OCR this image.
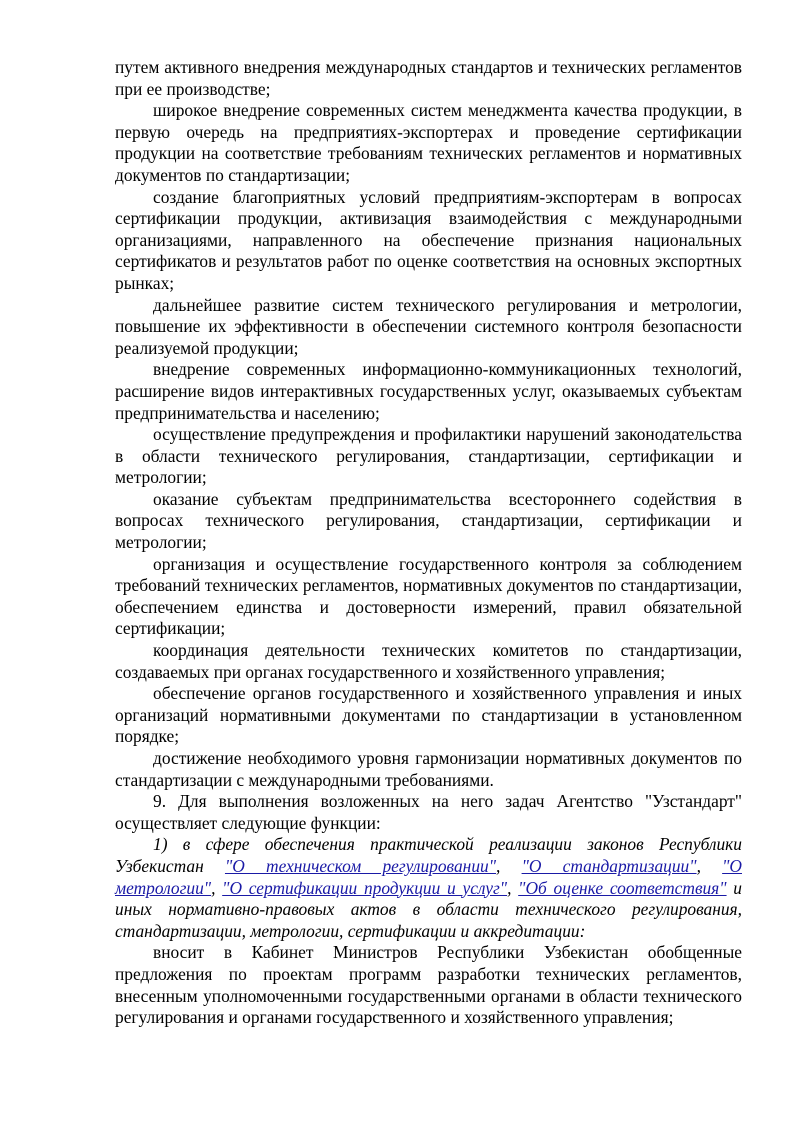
путем активного внедрения международных стандартов и технических регламентов при ее производстве;

широкое внедрение современных систем менеджмента качества продукции, в первую очередь на предприятиях-экспортерах и проведение сертификации продукции на соответствие требованиям технических регламентов и нормативных документов по стандартизации;

создание благоприятных условий предприятиям-экспортерам в вопросах сертификации продукции, активизация взаимодействия с международными организациями, направленного на обеспечение признания национальных сертификатов и результатов работ по оценке соответствия на основных экспортных рынках;

дальнейшее развитие систем технического регулирования и метрологии, повышение их эффективности в обеспечении системного контроля безопасности реализуемой продукции;

внедрение современных информационно-коммуникационных технологий, расширение видов интерактивных государственных услуг, оказываемых субъектам предпринимательства и населению;

осуществление предупреждения и профилактики нарушений законодательства в области технического регулирования, стандартизации, сертификации и метрологии;

оказание субъектам предпринимательства всестороннего содействия в вопросах технического регулирования, стандартизации, сертификации и метрологии;

организация и осуществление государственного контроля за соблюдением требований технических регламентов, нормативных документов по стандартизации, обеспечением единства и достоверности измерений, правил обязательной сертификации;

координация деятельности технических комитетов по стандартизации, создаваемых при органах государственного и хозяйственного управления;

обеспечение органов государственного и хозяйственного управления и иных организаций нормативными документами по стандартизации в установленном порядке;

достижение необходимого уровня гармонизации нормативных документов по стандартизации с международными требованиями.

9. Для выполнения возложенных на него задач Агентство "Узстандарт" осуществляет следующие функции:

1) в сфере обеспечения практической реализации законов Республики Узбекистан "О техническом регулировании", "О стандартизации", "О метрологии", "О сертификации продукции и услуг", "Об оценке соответствия" и иных нормативно-правовых актов в области технического регулирования, стандартизации, метрологии, сертификации и аккредитации:

вносит в Кабинет Министров Республики Узбекистан обобщенные предложения по проектам программ разработки технических регламентов, внесенным уполномоченными государственными органами в области технического регулирования и органами государственного и хозяйственного управления;
